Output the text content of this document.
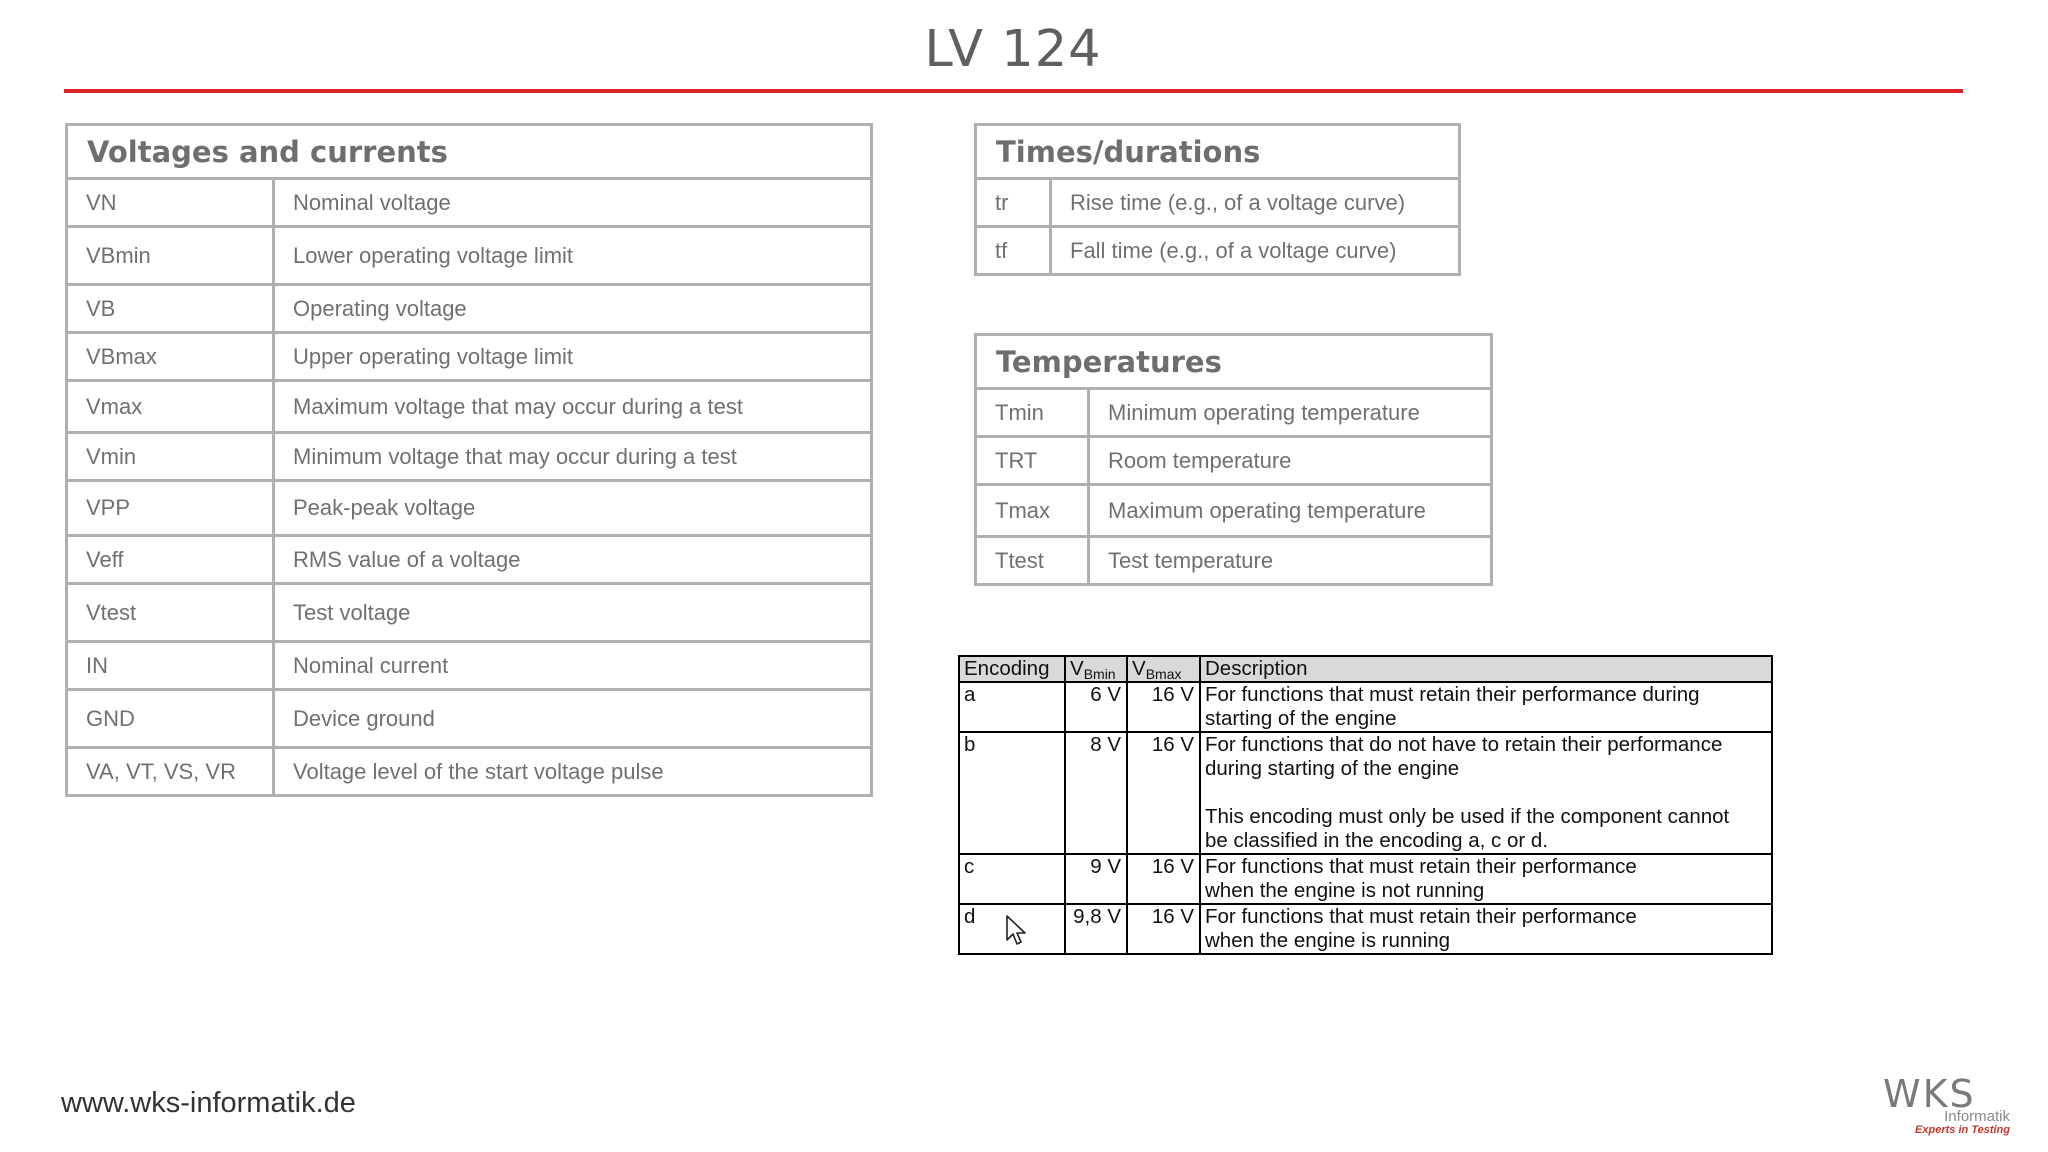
LV 124
Voltages and currents	
VN	Nominal voltage
VBmin	Lower operating voltage limit
VB	Operating voltage
VBmax	Upper operating voltage limit
Vmax	Maximum voltage that may occur during a test
Vmin	Minimum voltage that may occur during a test
VPP	Peak-peak voltage
Veff	RMS value of a voltage
Vtest	Test voltage
IN	Nominal current
GND	Device ground
VA, VT, VS, VR	Voltage level of the start voltage pulse
Times/durations	
tr	Rise time (e.g., of a voltage curve)
tf	Fall time (e.g., of a voltage curve)
Temperatures	
Tmin	Minimum operating temperature
TRT	Room temperature
Tmax	Maximum operating temperature
Ttest	Test temperature
Encoding	$V_{Bmin}$	$V_{Bmax}$	Description
a	6 V	16 V	For functions that must retain their performance during
starting of the engine

b	8 V	16 V	For functions that do not have to retain their performance
during starting of the engine
This encoding must only be used if the component cannot
be classified in the encoding a, c or d.

c	9 V	16 V	For functions that must retain their performance
when the engine is not running

d	9,8 V	16 V	For functions that must retain their performance
when the engine is running
www.wks-informatik.de	WKS
Informatik
Experts in Testing
